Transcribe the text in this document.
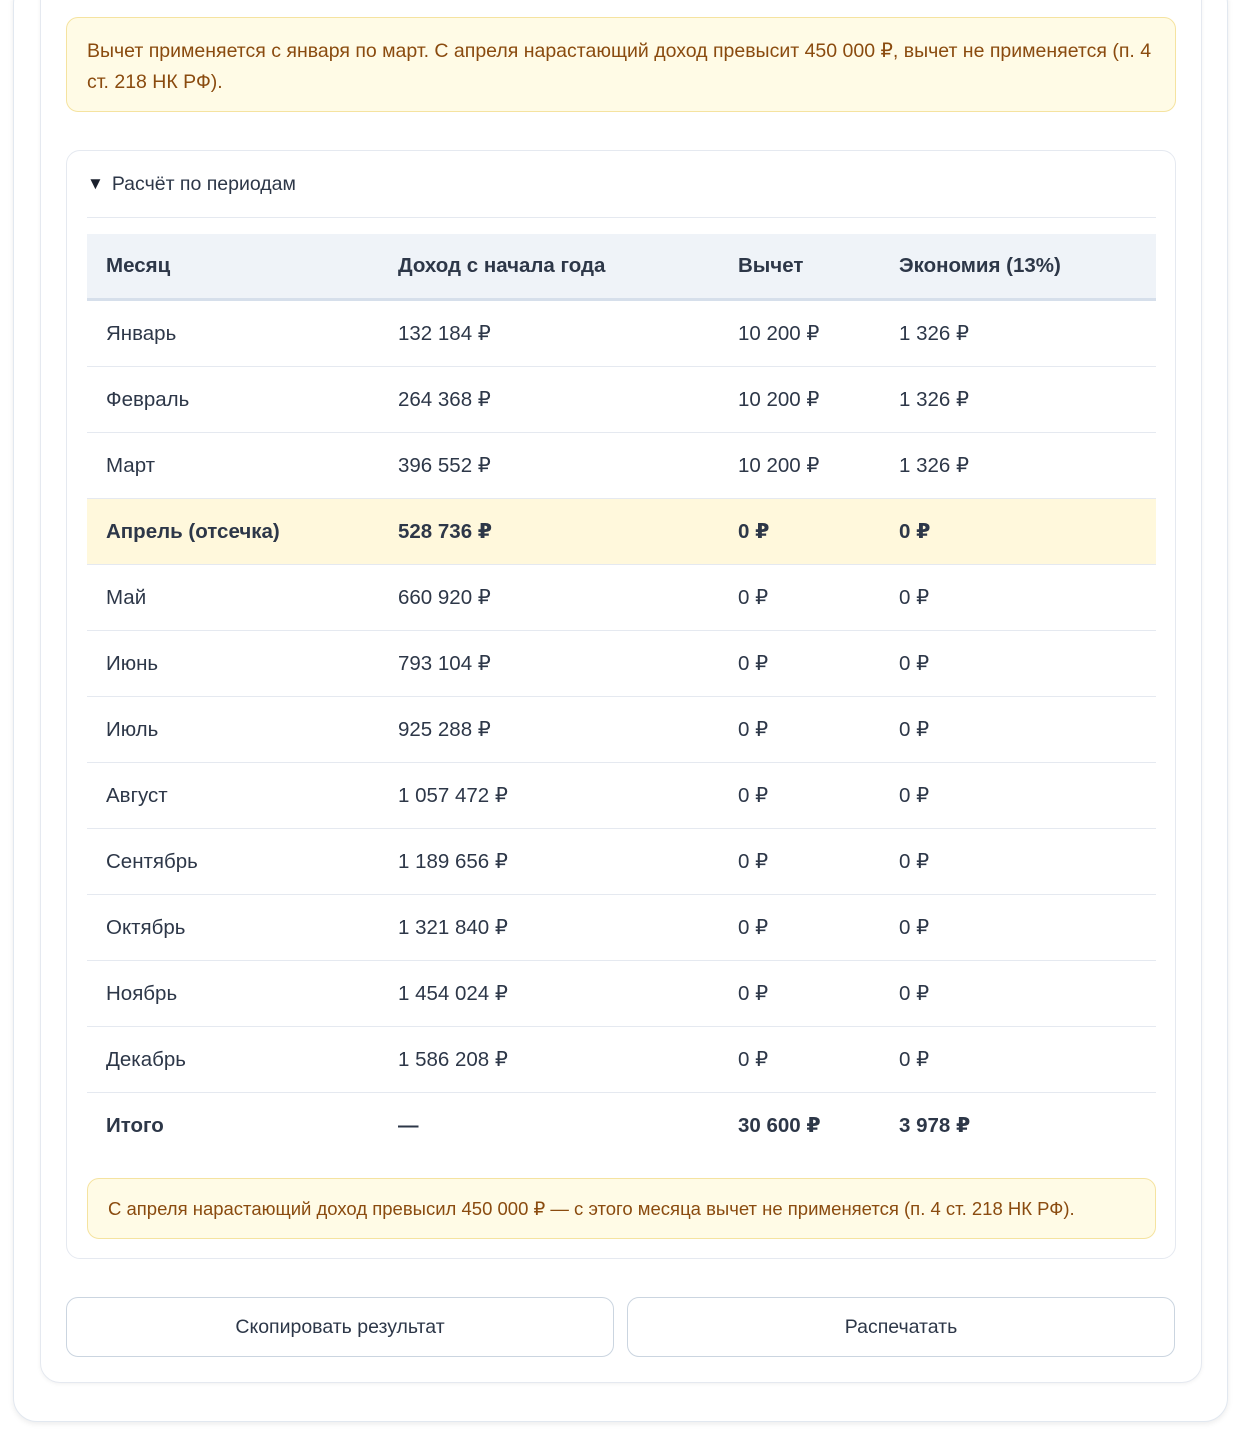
Вычет применяется с января по март. С апреля нарастающий доход превысит 450 000 ₽, вычет не применяется (п. 4 ст. 218 НК РФ).
▼ Расчёт по периодам
Месяц	Доход с начала года	Вычет	Экономия (13%)
Январь	132 184 ₽	10 200 ₽	1 326 ₽
Февраль	264 368 ₽	10 200 ₽	1 326 ₽
Март	396 552 ₽	10 200 ₽	1 326 ₽
Апрель (отсечка)	528 736 ₽	0 ₽	0 ₽
Май	660 920 ₽	0 ₽	0 ₽
Июнь	793 104 ₽	0 ₽	0 ₽
Июль	925 288 ₽	0 ₽	0 ₽
Август	1 057 472 ₽	0 ₽	0 ₽
Сентябрь	1 189 656 ₽	0 ₽	0 ₽
Октябрь	1 321 840 ₽	0 ₽	0 ₽
Ноябрь	1 454 024 ₽	0 ₽	0 ₽
Декабрь	1 586 208 ₽	0 ₽	0 ₽
Итого	—	30 600 ₽	3 978 ₽
С апреля нарастающий доход превысил 450 000 ₽ — с этого месяца вычет не применяется (п. 4 ст. 218 НК РФ).
Скопировать результат	Распечатать
